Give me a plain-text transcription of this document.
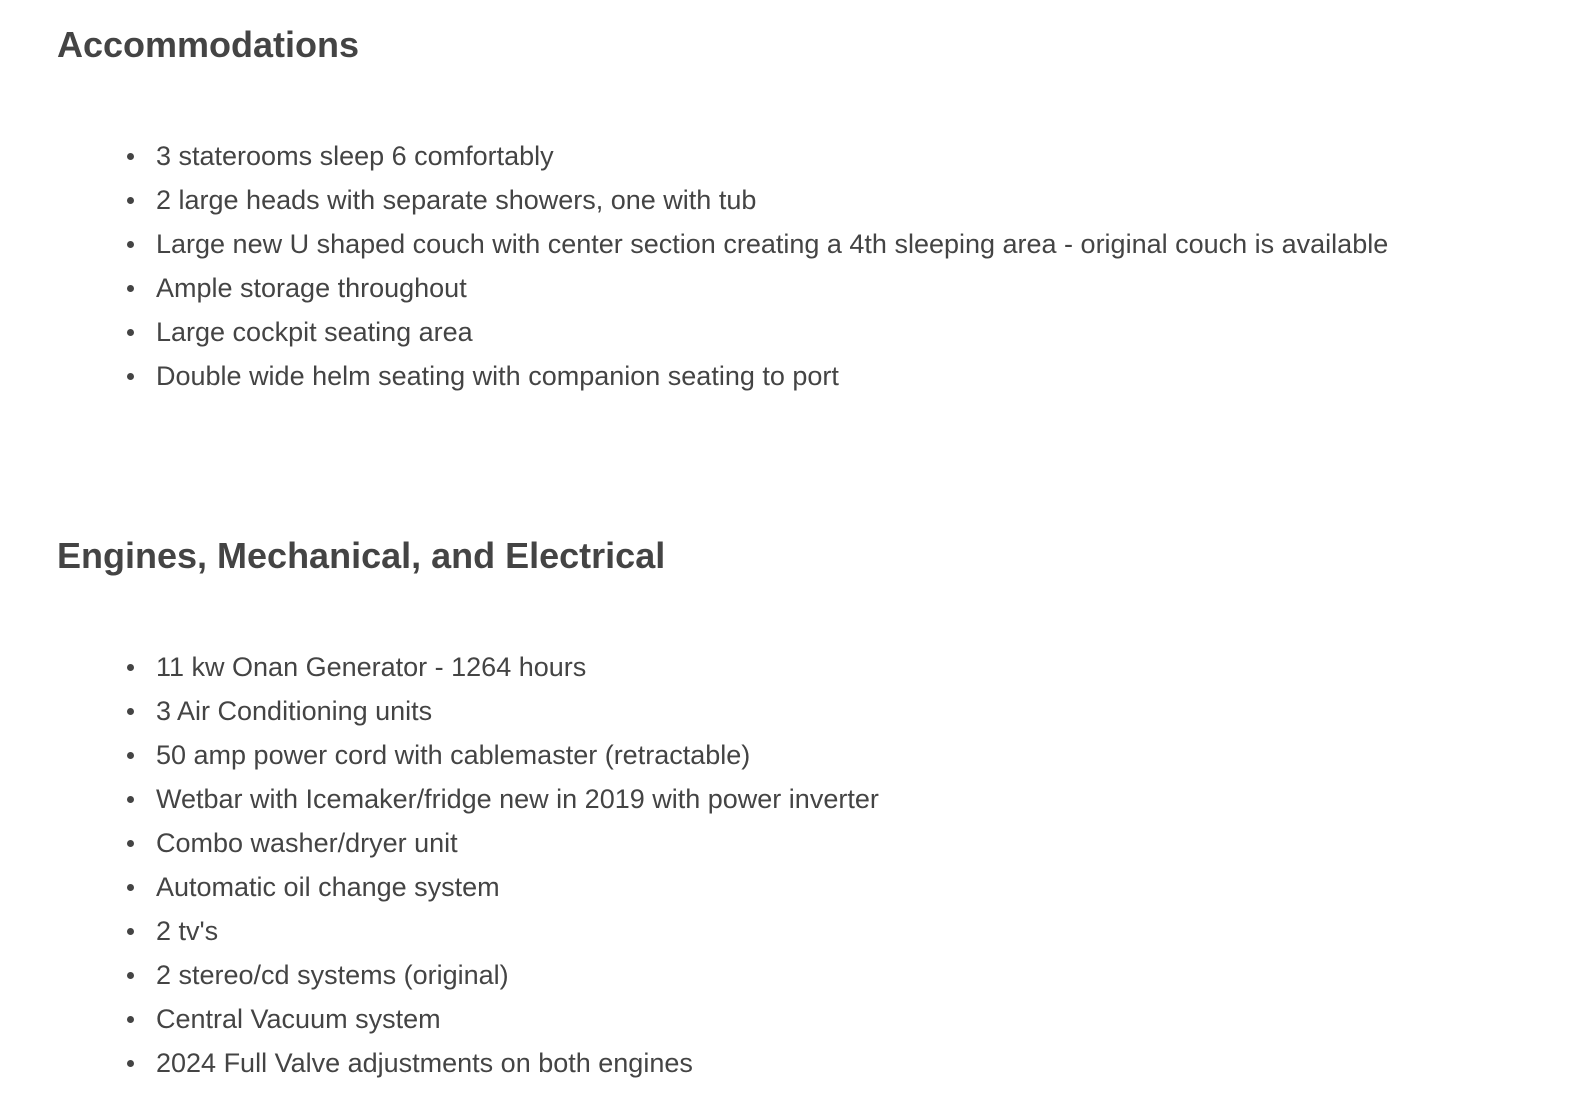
Accommodations
3 staterooms sleep 6 comfortably
2 large heads with separate showers, one with tub
Large new U shaped couch with center section creating a 4th sleeping area - original couch is available
Ample storage throughout
Large cockpit seating area
Double wide helm seating with companion seating to port
Engines, Mechanical, and Electrical
11 kw Onan Generator - 1264 hours
3 Air Conditioning units
50 amp power cord with cablemaster (retractable)
Wetbar with Icemaker/fridge new in 2019 with power inverter
Combo washer/dryer unit
Automatic oil change system
2 tv's
2 stereo/cd systems (original)
Central Vacuum system
2024 Full Valve adjustments on both engines
